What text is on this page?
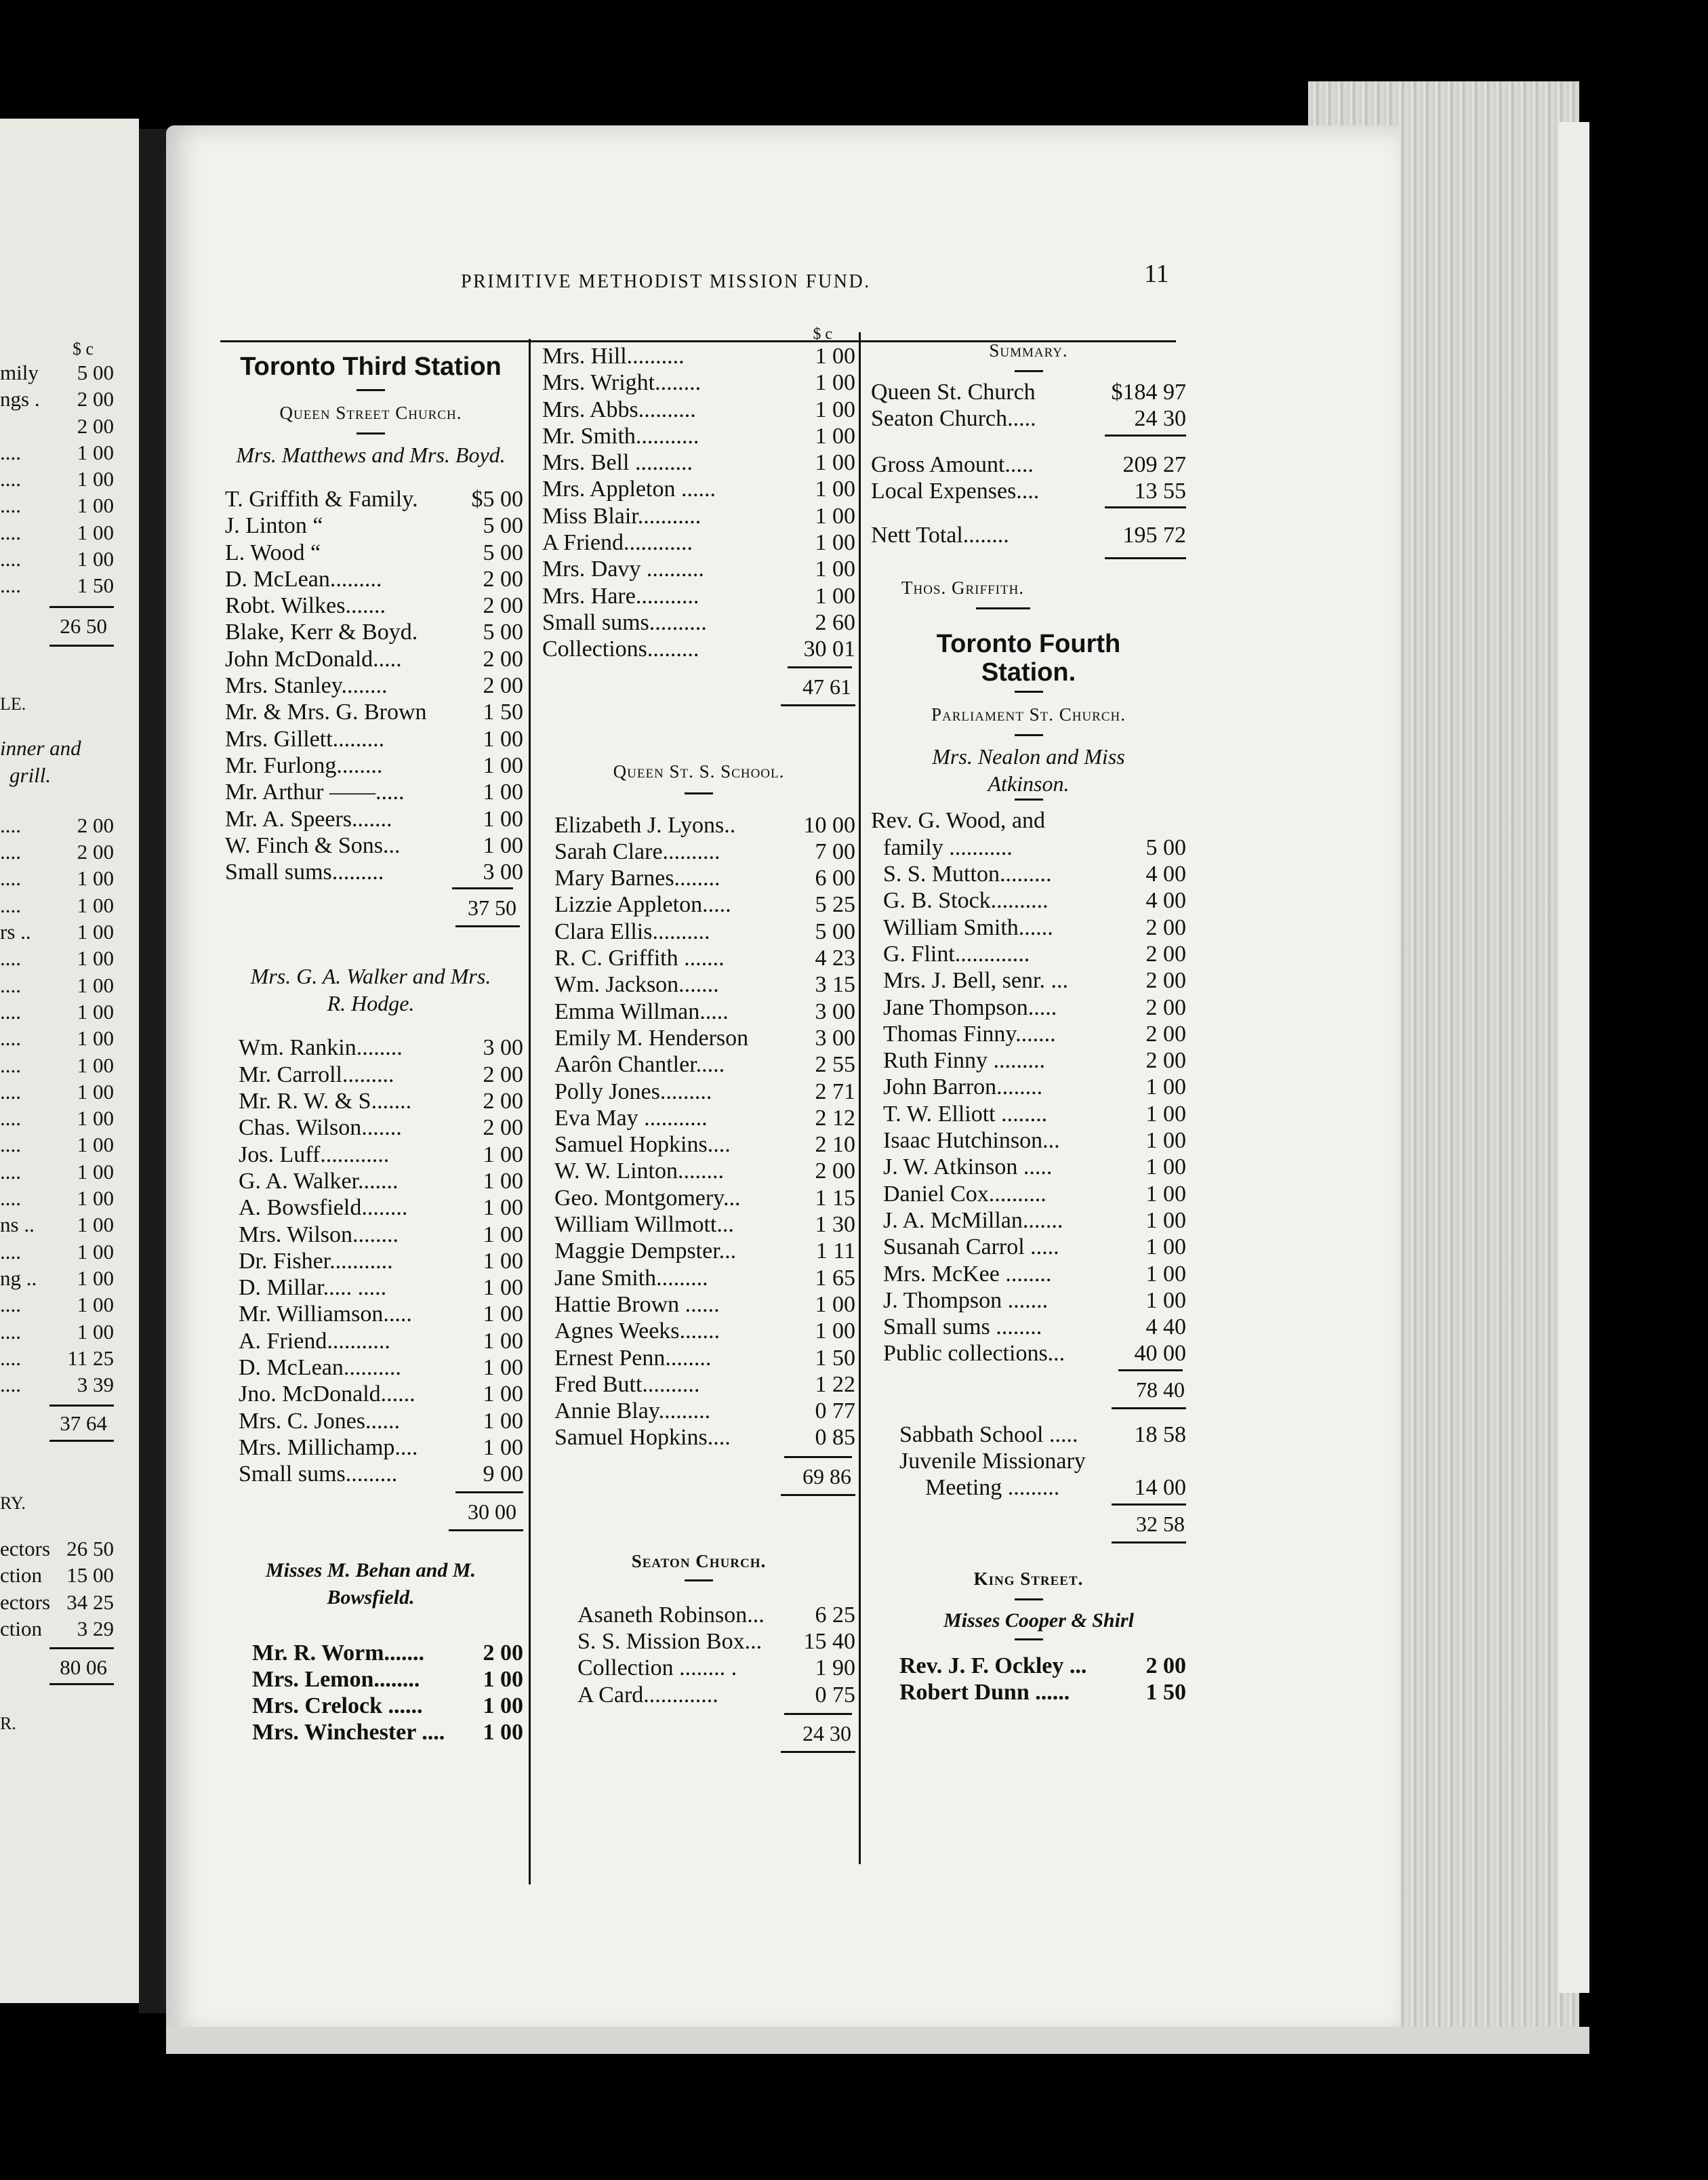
$ c
mily 5 00
ngs . 2 00
2 00
....	1 00
....	1 00
....	1 00
....	1 00
....	1 00
....	1 50
26 50
LE.
inner and
grill.
....	2 00
....	2 00
....	1 00
....	1 00
rs .. 1 00
....	1 00
....	1 00
....	1 00
....	1 00
....	1 00
....	1 00
....	1 00
....	1 00
....	1 00
....	1 00
ns .. 1 00
....	1 00
ng .. 1 00
....	1 00
....	1 00
.... 11 25
....	3 39
37 64
RY.
ectors 26 50
ction 15 00
ectors 34 25
ction 3 29
80 06
R.
PRIMITIVE METHODIST MISSION FUND.	11
Toronto Third Station
Queen Street Church.
Mrs. Matthews and Mrs. Boyd.
T. Griffith & Family. $5 00
J. Linton “	5 00
L. Wood “	5 00
D. McLean.........	2 00
Robt. Wilkes.......	2 00
Blake, Kerr & Boyd.	5 00
John McDonald.....	2 00
Mrs. Stanley........	2 00
Mr. & Mrs. G. Brown 1 50
Mrs. Gillett.........	1 00
Mr. Furlong........	1 00
Mr. Arthur ——.....	1 00
Mr. A. Speers.......	1 00
W. Finch & Sons...	1 00
Small sums.........	3 00
37 50
Mrs. G. A. Walker and Mrs. R. Hodge.
Wm. Rankin........	3 00
Mr. Carroll.........	2 00
Mr. R. W. & S.......	2 00
Chas. Wilson.......	2 00
Jos. Luff............	1 00
G. A. Walker.......	1 00
A. Bowsfield........	1 00
Mrs. Wilson........	1 00
Dr. Fisher...........	1 00
D. Millar..... .....	1 00
Mr. Williamson.....	1 00
A. Friend...........	1 00
D. McLean..........	1 00
Jno. McDonald......	1 00
Mrs. C. Jones......	1 00
Mrs. Millichamp....	1 00
Small sums.........	9 00
30 00
Misses M. Behan and M. Bowsfield.
Mr. R. Worm.......	2 00
Mrs. Lemon........	1 00
Mrs. Crelock ......	1 00
Mrs. Winchester .... 1 00
$ c
Mrs. Hill..........	1 00
Mrs. Wright........	1 00
Mrs. Abbs..........	1 00
Mr. Smith...........	1 00
Mrs. Bell ..........	1 00
Mrs. Appleton ......	1 00
Miss Blair...........	1 00
A Friend............	1 00
Mrs. Davy ..........	1 00
Mrs. Hare...........	1 00
Small sums..........	2 60
Collections.........	30 01
47 61
Queen St. S. School.
Elizabeth J. Lyons..	10 00
Sarah Clare..........	7 00
Mary Barnes........	6 00
Lizzie Appleton.....	5 25
Clara Ellis..........	5 00
R. C. Griffith .......	4 23
Wm. Jackson.......	3 15
Emma Willman.....	3 00
Emily M. Henderson	3 00
Aarôn Chantler.....	2 55
Polly Jones.........	2 71
Eva May ...........	2 12
Samuel Hopkins....	2 10
W. W. Linton........	2 00
Geo. Montgomery...	1 15
William Willmott...	1 30
Maggie Dempster...	1 11
Jane Smith.........	1 65
Hattie Brown ......	1 00
Agnes Weeks.......	1 00
Ernest Penn........	1 50
Fred Butt..........	1 22
Annie Blay.........	0 77
Samuel Hopkins....	0 85
69 86
Seaton Church.
Asaneth Robinson... 6 25
S. S. Mission Box... 15 40
Collection ........ .	1 90
A Card.............	0 75
24 30
Summary.
Queen St. Church	$184 97
Seaton Church.....	24 30
Gross Amount.....	209 27
Local Expenses....	13 55
Nett Total........	195 72
Thos. Griffith.
Toronto Fourth Station.
Parliament St. Church.
Mrs. Nealon and Miss Atkinson.
Rev. G. Wood, and
family ...........	5 00
S. S. Mutton.........	4 00
G. B. Stock..........	4 00
William Smith......	2 00
G. Flint.............	2 00
Mrs. J. Bell, senr. ...	2 00
Jane Thompson.....	2 00
Thomas Finny.......	2 00
Ruth Finny .........	2 00
John Barron........	1 00
T. W. Elliott ........	1 00
Isaac Hutchinson...	1 00
J. W. Atkinson .....	1 00
Daniel Cox..........	1 00
J. A. McMillan.......	1 00
Susanah Carrol .....	1 00
Mrs. McKee ........	1 00
J. Thompson .......	1 00
Small sums ........	4 40
Public collections...	40 00
78 40
Sabbath School ..... 18 58
Juvenile Missionary
Meeting .........	14 00
32 58
King Street.
Misses Cooper & Shirl
Rev. J. F. Ockley ...	2 00
Robert Dunn ......	1 50
